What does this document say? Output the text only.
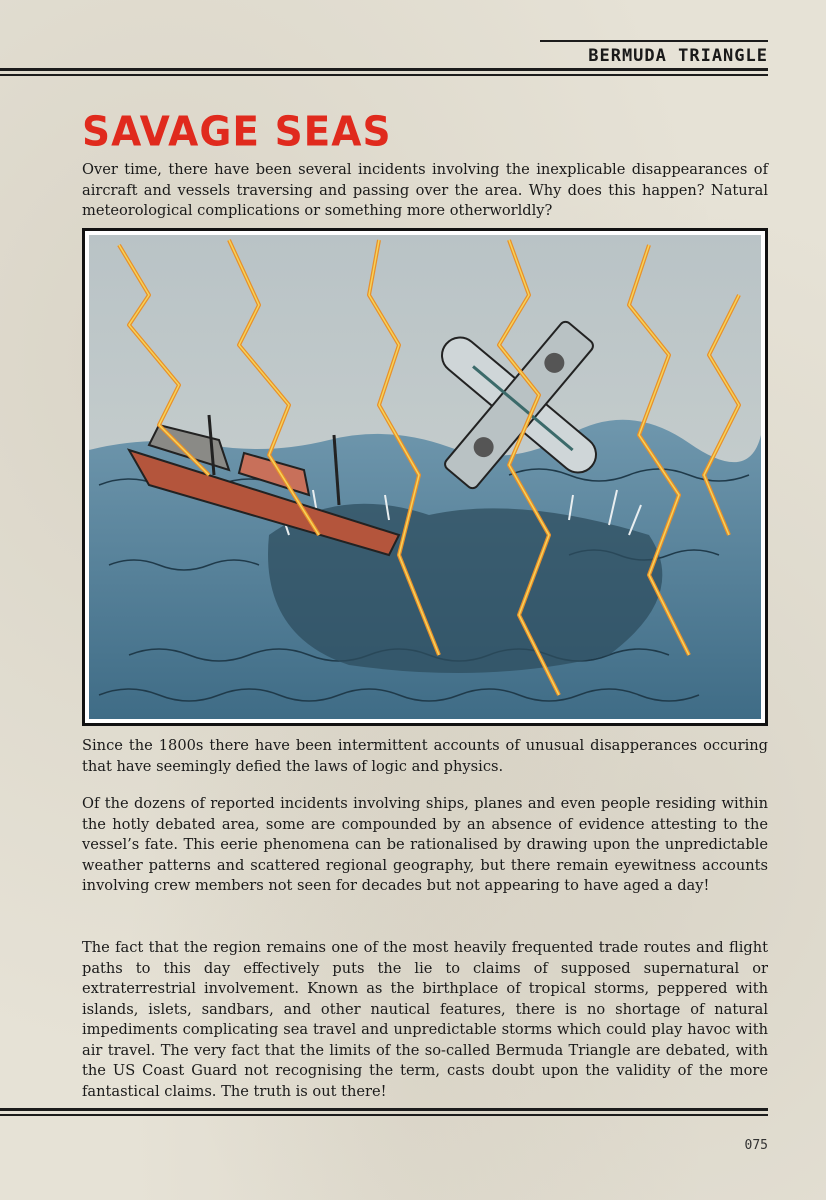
BERMUDA TRIANGLE
SAVAGE SEAS
Over time, there have been several incidents involving the inexplicable disappearances of aircraft and vessels traversing and passing over the area. Why does this happen? Natural meteorological complications or something more otherworldly?
Since the 1800s there have been intermittent accounts of unusual disapperances occuring that have seemingly defied the laws of logic and physics.
Of the dozens of reported incidents involving ships, planes and even people residing within the hotly debated area, some are compounded by an absence of evidence attesting to the vessel’s fate. This eerie phenomena can be rationalised by drawing upon the unpredictable weather patterns and scattered regional geography, but there remain eyewitness accounts involving crew members not seen for decades but not appearing to have aged a day!
The fact that the region remains one of the most heavily frequented trade routes and flight paths to this day effectively puts the lie to claims of supposed supernatural or extraterrestrial involvement. Known as the birthplace of tropical storms, peppered with islands, islets, sandbars, and other nautical features, there is no shortage of natural impediments complicating sea travel and unpredictable storms which could play havoc with air travel. The very fact that the limits of the so-called Bermuda Triangle are debated, with the US Coast Guard not recognising the term, casts doubt upon the validity of the more fantastical claims. The truth is out there!
075
